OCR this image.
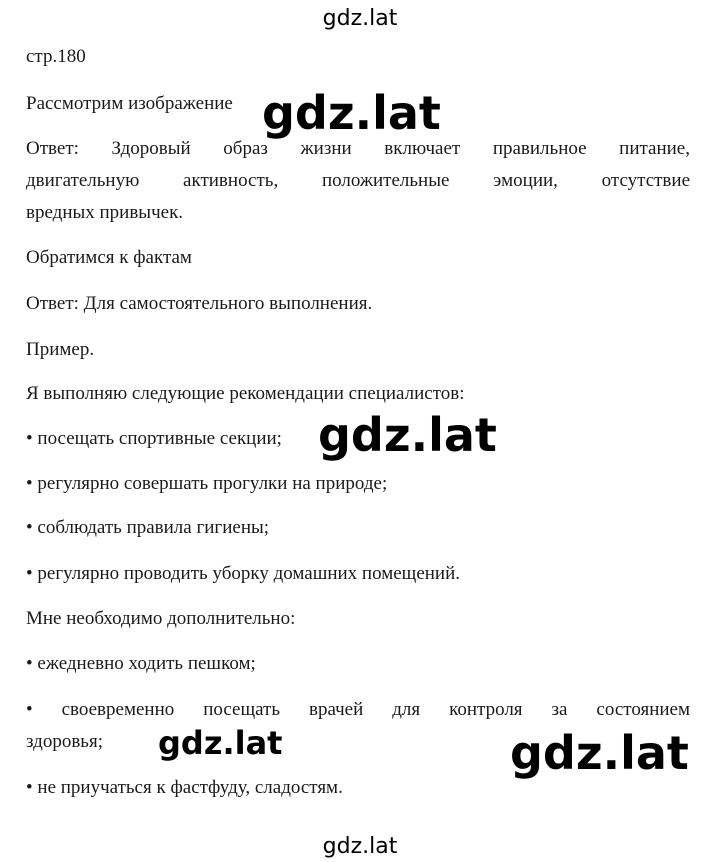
gdz.lat
стр.180
Рассмотрим изображение
Ответ: Здоровый образ жизни включает правильное питание,
двигательную активность, положительные эмоции, отсутствие
вредных привычек.
Обратимся к фактам
Ответ: Для самостоятельного выполнения.
Пример.
Я выполняю следующие рекомендации специалистов:
• посещать спортивные секции;
• регулярно совершать прогулки на природе;
• соблюдать правила гигиены;
• регулярно проводить уборку домашних помещений.
Мне необходимо дополнительно:
• ежедневно ходить пешком;
• своевременно посещать врачей для контроля за состоянием
здоровья;
• не приучаться к фастфуду, сладостям.
gdz.lat
gdz.lat
gdz.lat	gdz.lat
gdz.lat
